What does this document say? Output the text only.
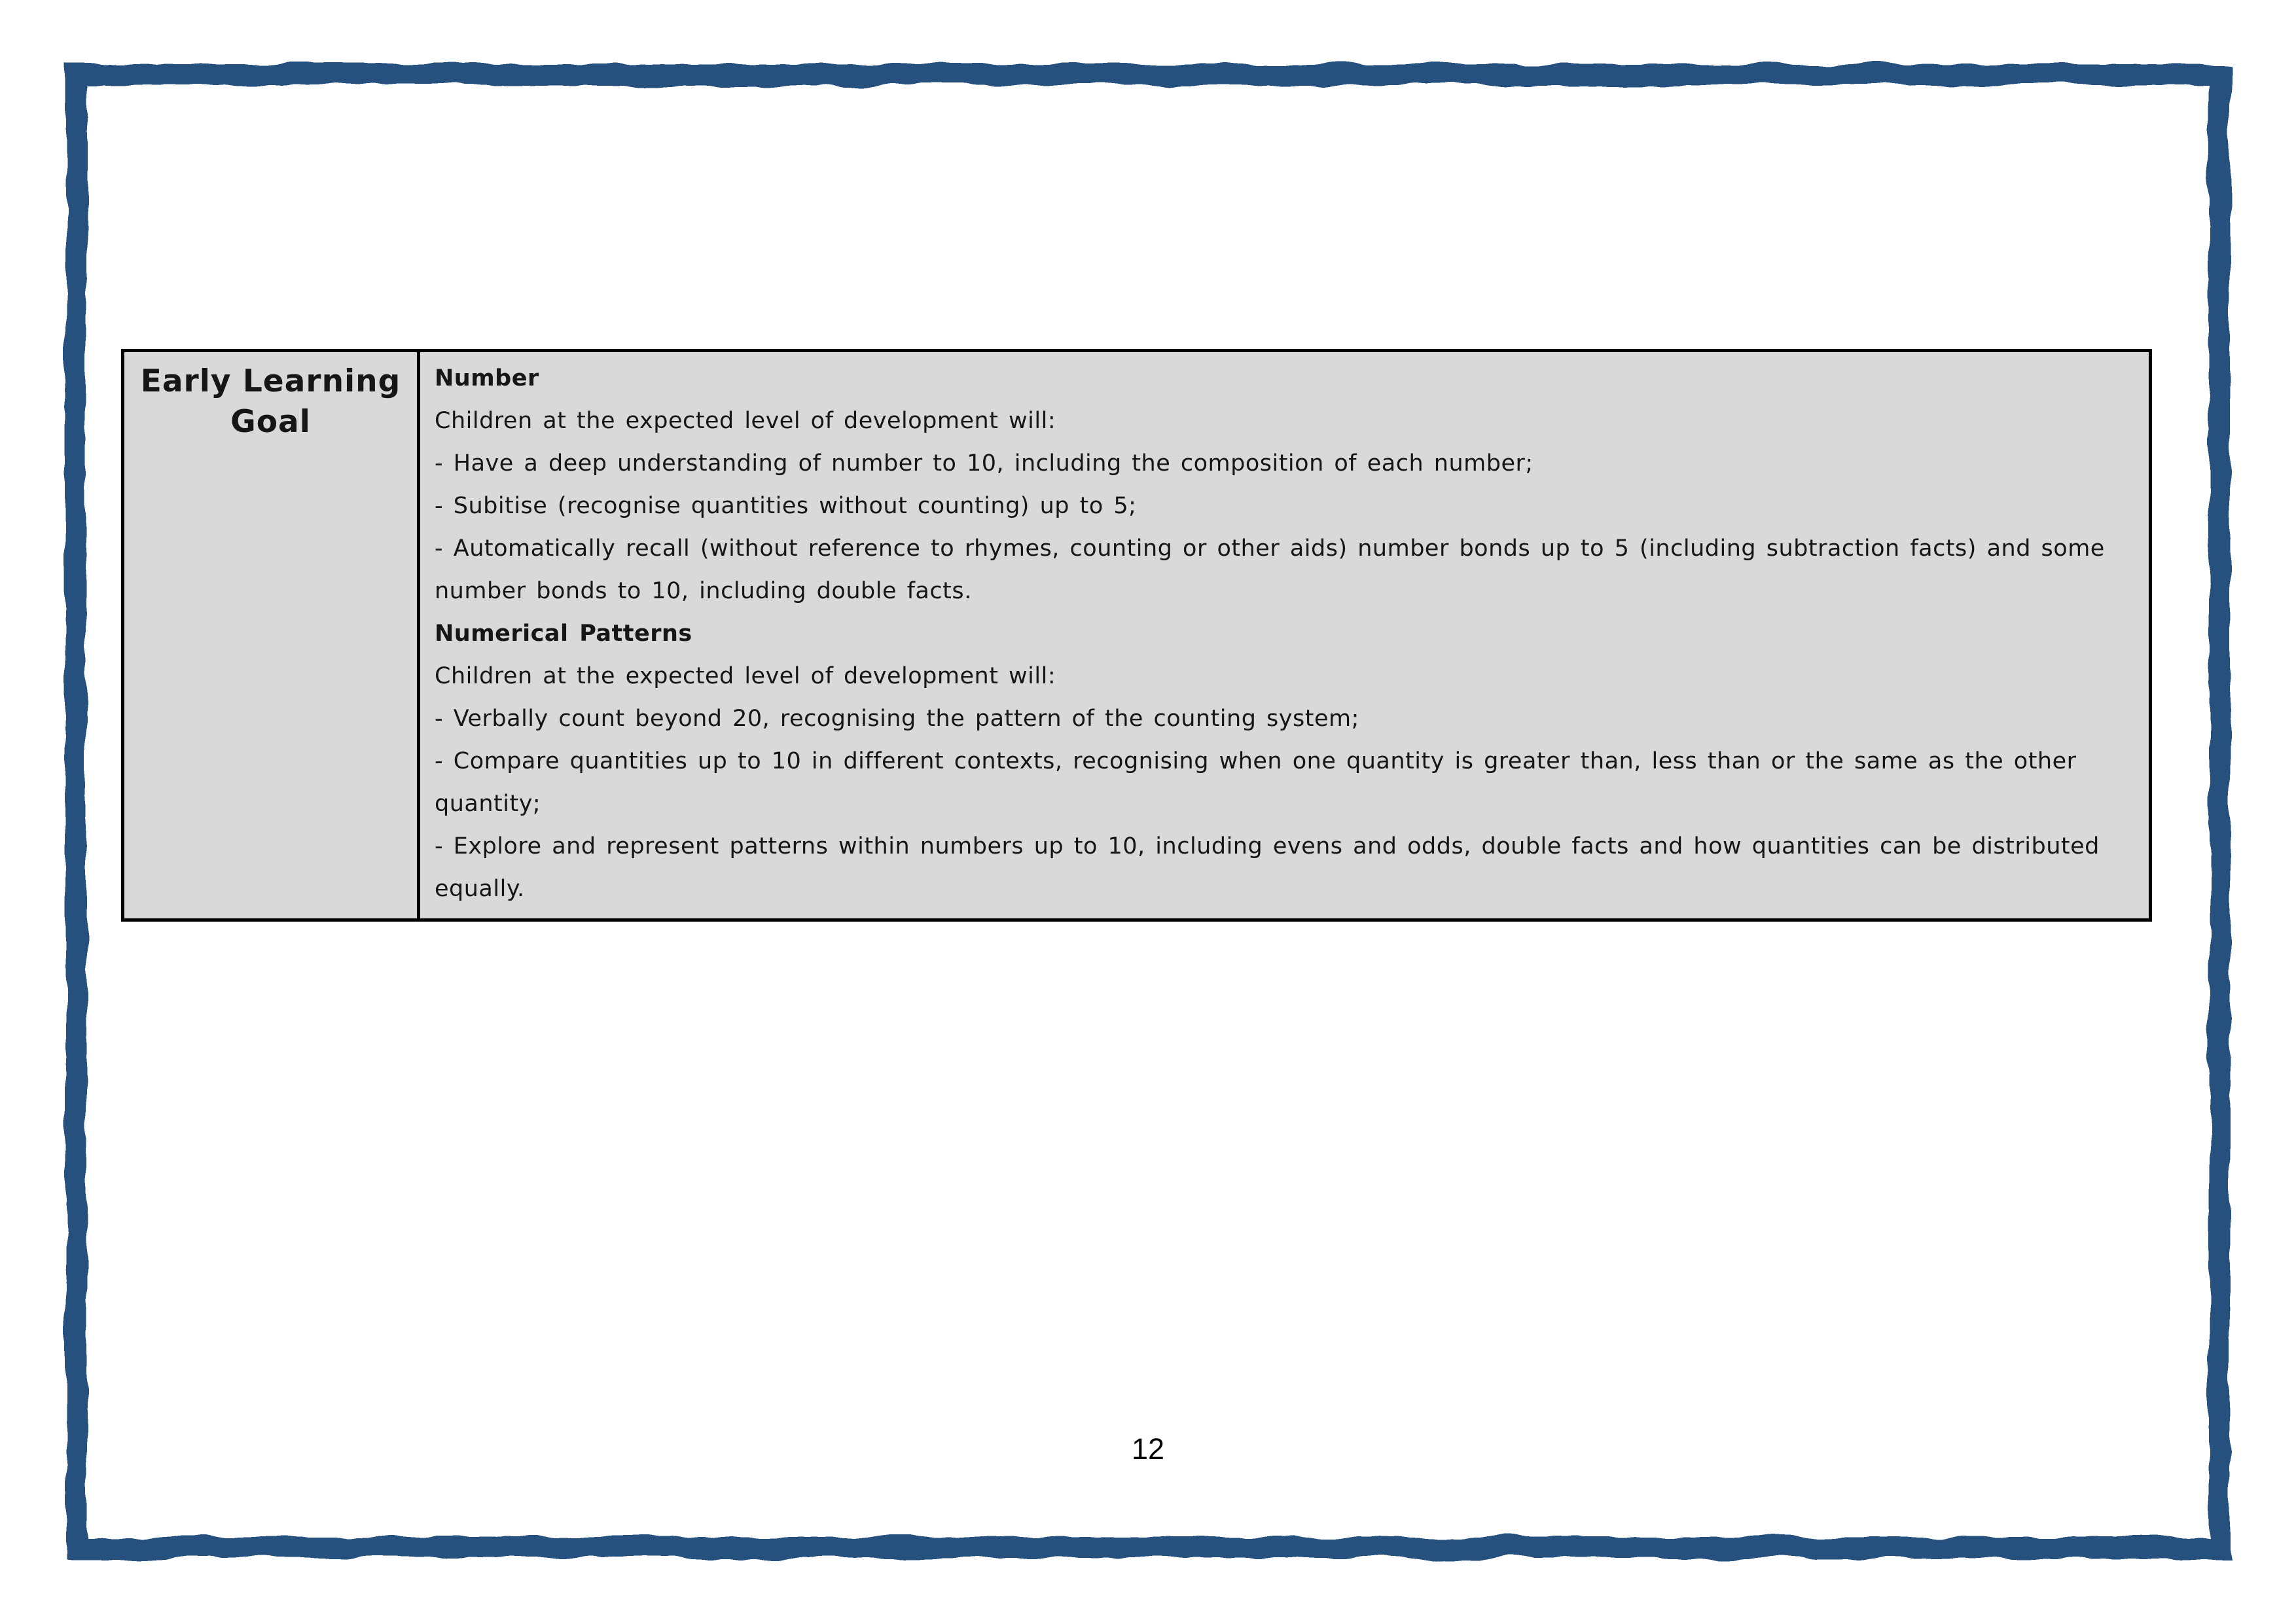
Early Learning
Goal
Number
Children at the expected level of development will:
- Have a deep understanding of number to 10, including the composition of each number;
- Subitise (recognise quantities without counting) up to 5;
- Automatically recall (without reference to rhymes, counting or other aids) number bonds up to 5 (including subtraction facts) and some number bonds to 10, including double facts.
Numerical Patterns
Children at the expected level of development will:
- Verbally count beyond 20, recognising the pattern of the counting system;
- Compare quantities up to 10 in different contexts, recognising when one quantity is greater than, less than or the same as the other quantity;
- Explore and represent patterns within numbers up to 10, including evens and odds, double facts and how quantities can be distributed equally.
12
